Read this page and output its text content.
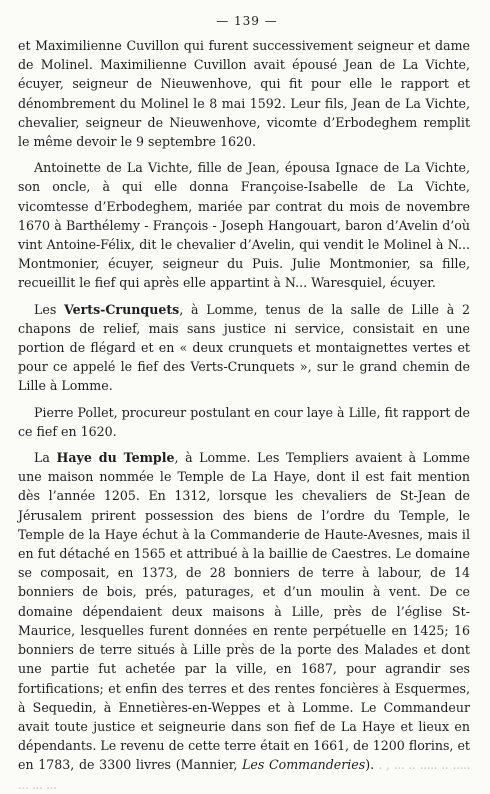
— 139 —

et Maximilienne Cuvillon qui furent successivement seigneur et dame de Molinel. Maximilienne Cuvillon avait épousé Jean de La Vichte, écuyer, seigneur de Nieuwenhove, qui fit pour elle le rapport et dénombrement du Molinel le 8 mai 1592. Leur fils, Jean de La Vichte, chevalier, seigneur de Nieuwenhove, vicomte d’Erbodeghem remplit le même devoir le 9 septembre 1620.

Antoinette de La Vichte, fille de Jean, épousa Ignace de La Vichte, son oncle, à qui elle donna Françoise-Isabelle de La Vichte, vicomtesse d’Erbodeghem, mariée par contrat du mois de novembre 1670 à Barthélemy - François - Joseph Hangouart, baron d’Avelin d’où vint Antoine-Félix, dit le chevalier d’Avelin, qui vendit le Molinel à N... Montmonier, écuyer, seigneur du Puis. Julie Montmonier, sa fille, recueillit le fief qui après elle appartint à N... Waresquiel, écuyer.

Les Verts-Crunquets, à Lomme, tenus de la salle de Lille à 2 chapons de relief, mais sans justice ni service, consistait en une portion de flégard et en « deux crunquets et montaignettes vertes et pour ce appelé le fief des Verts-Crunquets », sur le grand chemin de Lille à Lomme.

Pierre Pollet, procureur postulant en cour laye à Lille, fit rapport de ce fief en 1620.

La Haye du Temple, à Lomme. Les Templiers avaient à Lomme une maison nommée le Temple de La Haye, dont il est fait mention dès l’année 1205. En 1312, lorsque les chevaliers de St-Jean de Jérusalem prirent possession des biens de l’ordre du Temple, le Temple de la Haye échut à la Commanderie de Haute-Avesnes, mais il en fut détaché en 1565 et attribué à la baillie de Caestres. Le domaine se composait, en 1373, de 28 bonniers de terre à labour, de 14 bonniers de bois, prés, paturages, et d’un moulin à vent. De ce domaine dépendaient deux maisons à Lille, près de l’église St-Maurice, lesquelles furent données en rente perpétuelle en 1425; 16 bonniers de terre situés à Lille près de la porte des Malades et dont une partie fut achetée par la ville, en 1687, pour agrandir ses fortifications; et enfin des terres et des rentes foncières à Esquermes, à Sequedin, à Ennetières-en-Weppes et à Lomme. Le Commandeur avait toute justice et seigneurie dans son fief de La Haye et lieux en dépendants. Le revenu de cette terre était en 1661, de 1200 florins, et en 1783, de 3300 livres (Mannier, Les Commanderies). . , ... .. ..... .. ..... ... ... ...
